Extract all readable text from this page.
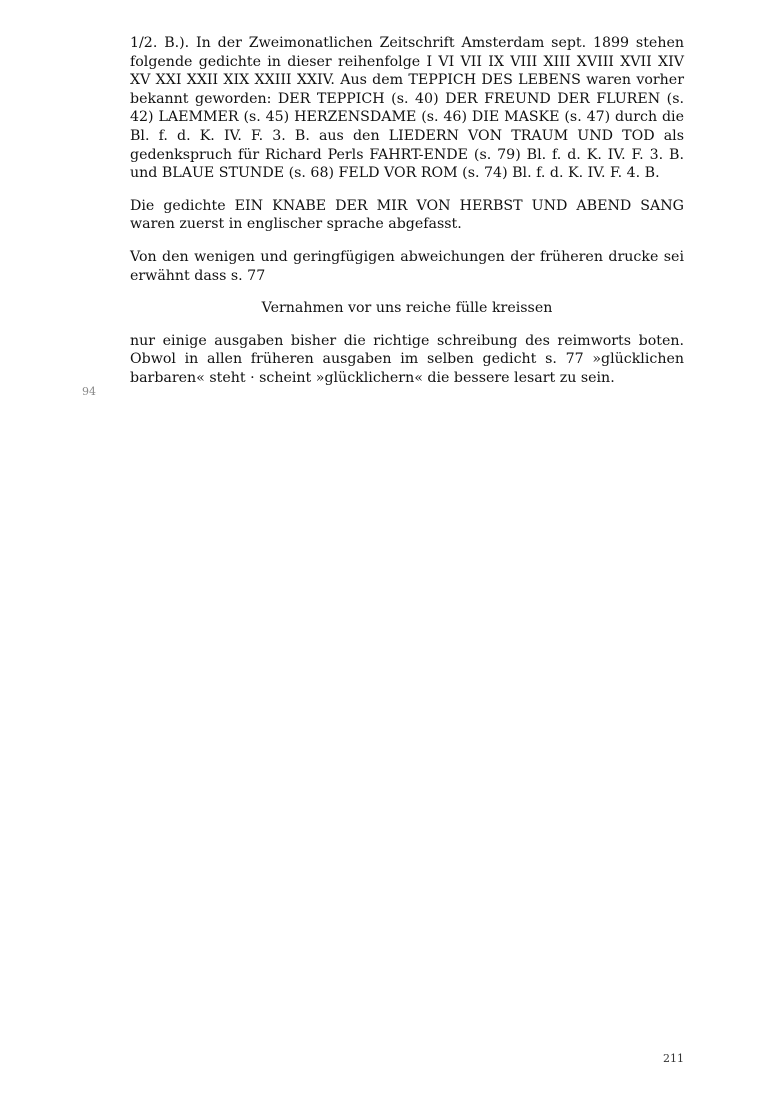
1/2. B.). In der Zweimonatlichen Zeitschrift Amsterdam sept. 1899 stehen folgende gedichte in dieser reihenfolge I VI VII IX VIII XIII XVIII XVII XIV XV XXI XXII XIX XXIII XXIV. Aus dem TEPPICH DES LEBENS waren vorher bekannt geworden: DER TEPPICH (s. 40) DER FREUND DER FLUREN (s. 42) LAEMMER (s. 45) HERZENSDAME (s. 46) DIE MASKE (s. 47) durch die Bl. f. d. K. IV. F. 3. B. aus den LIEDERN VON TRAUM UND TOD als gedenkspruch für Richard Perls FAHRT-ENDE (s. 79) Bl. f. d. K. IV. F. 3. B. und BLAUE STUNDE (s. 68) FELD VOR ROM (s. 74) Bl. f. d. K. IV. F. 4. B.

Die gedichte EIN KNABE DER MIR VON HERBST UND ABEND SANG waren zuerst in englischer sprache abgefasst.

Von den wenigen und geringfügigen abweichungen der früheren drucke sei erwähnt dass s. 77

Vernahmen vor uns reiche fülle kreissen

nur einige ausgaben bisher die richtige schreibung des reimworts boten. Obwol in allen früheren ausgaben im selben gedicht s. 77 »glücklichen barbaren« steht · scheint »glücklichern« die bessere lesart zu sein.

94
211
